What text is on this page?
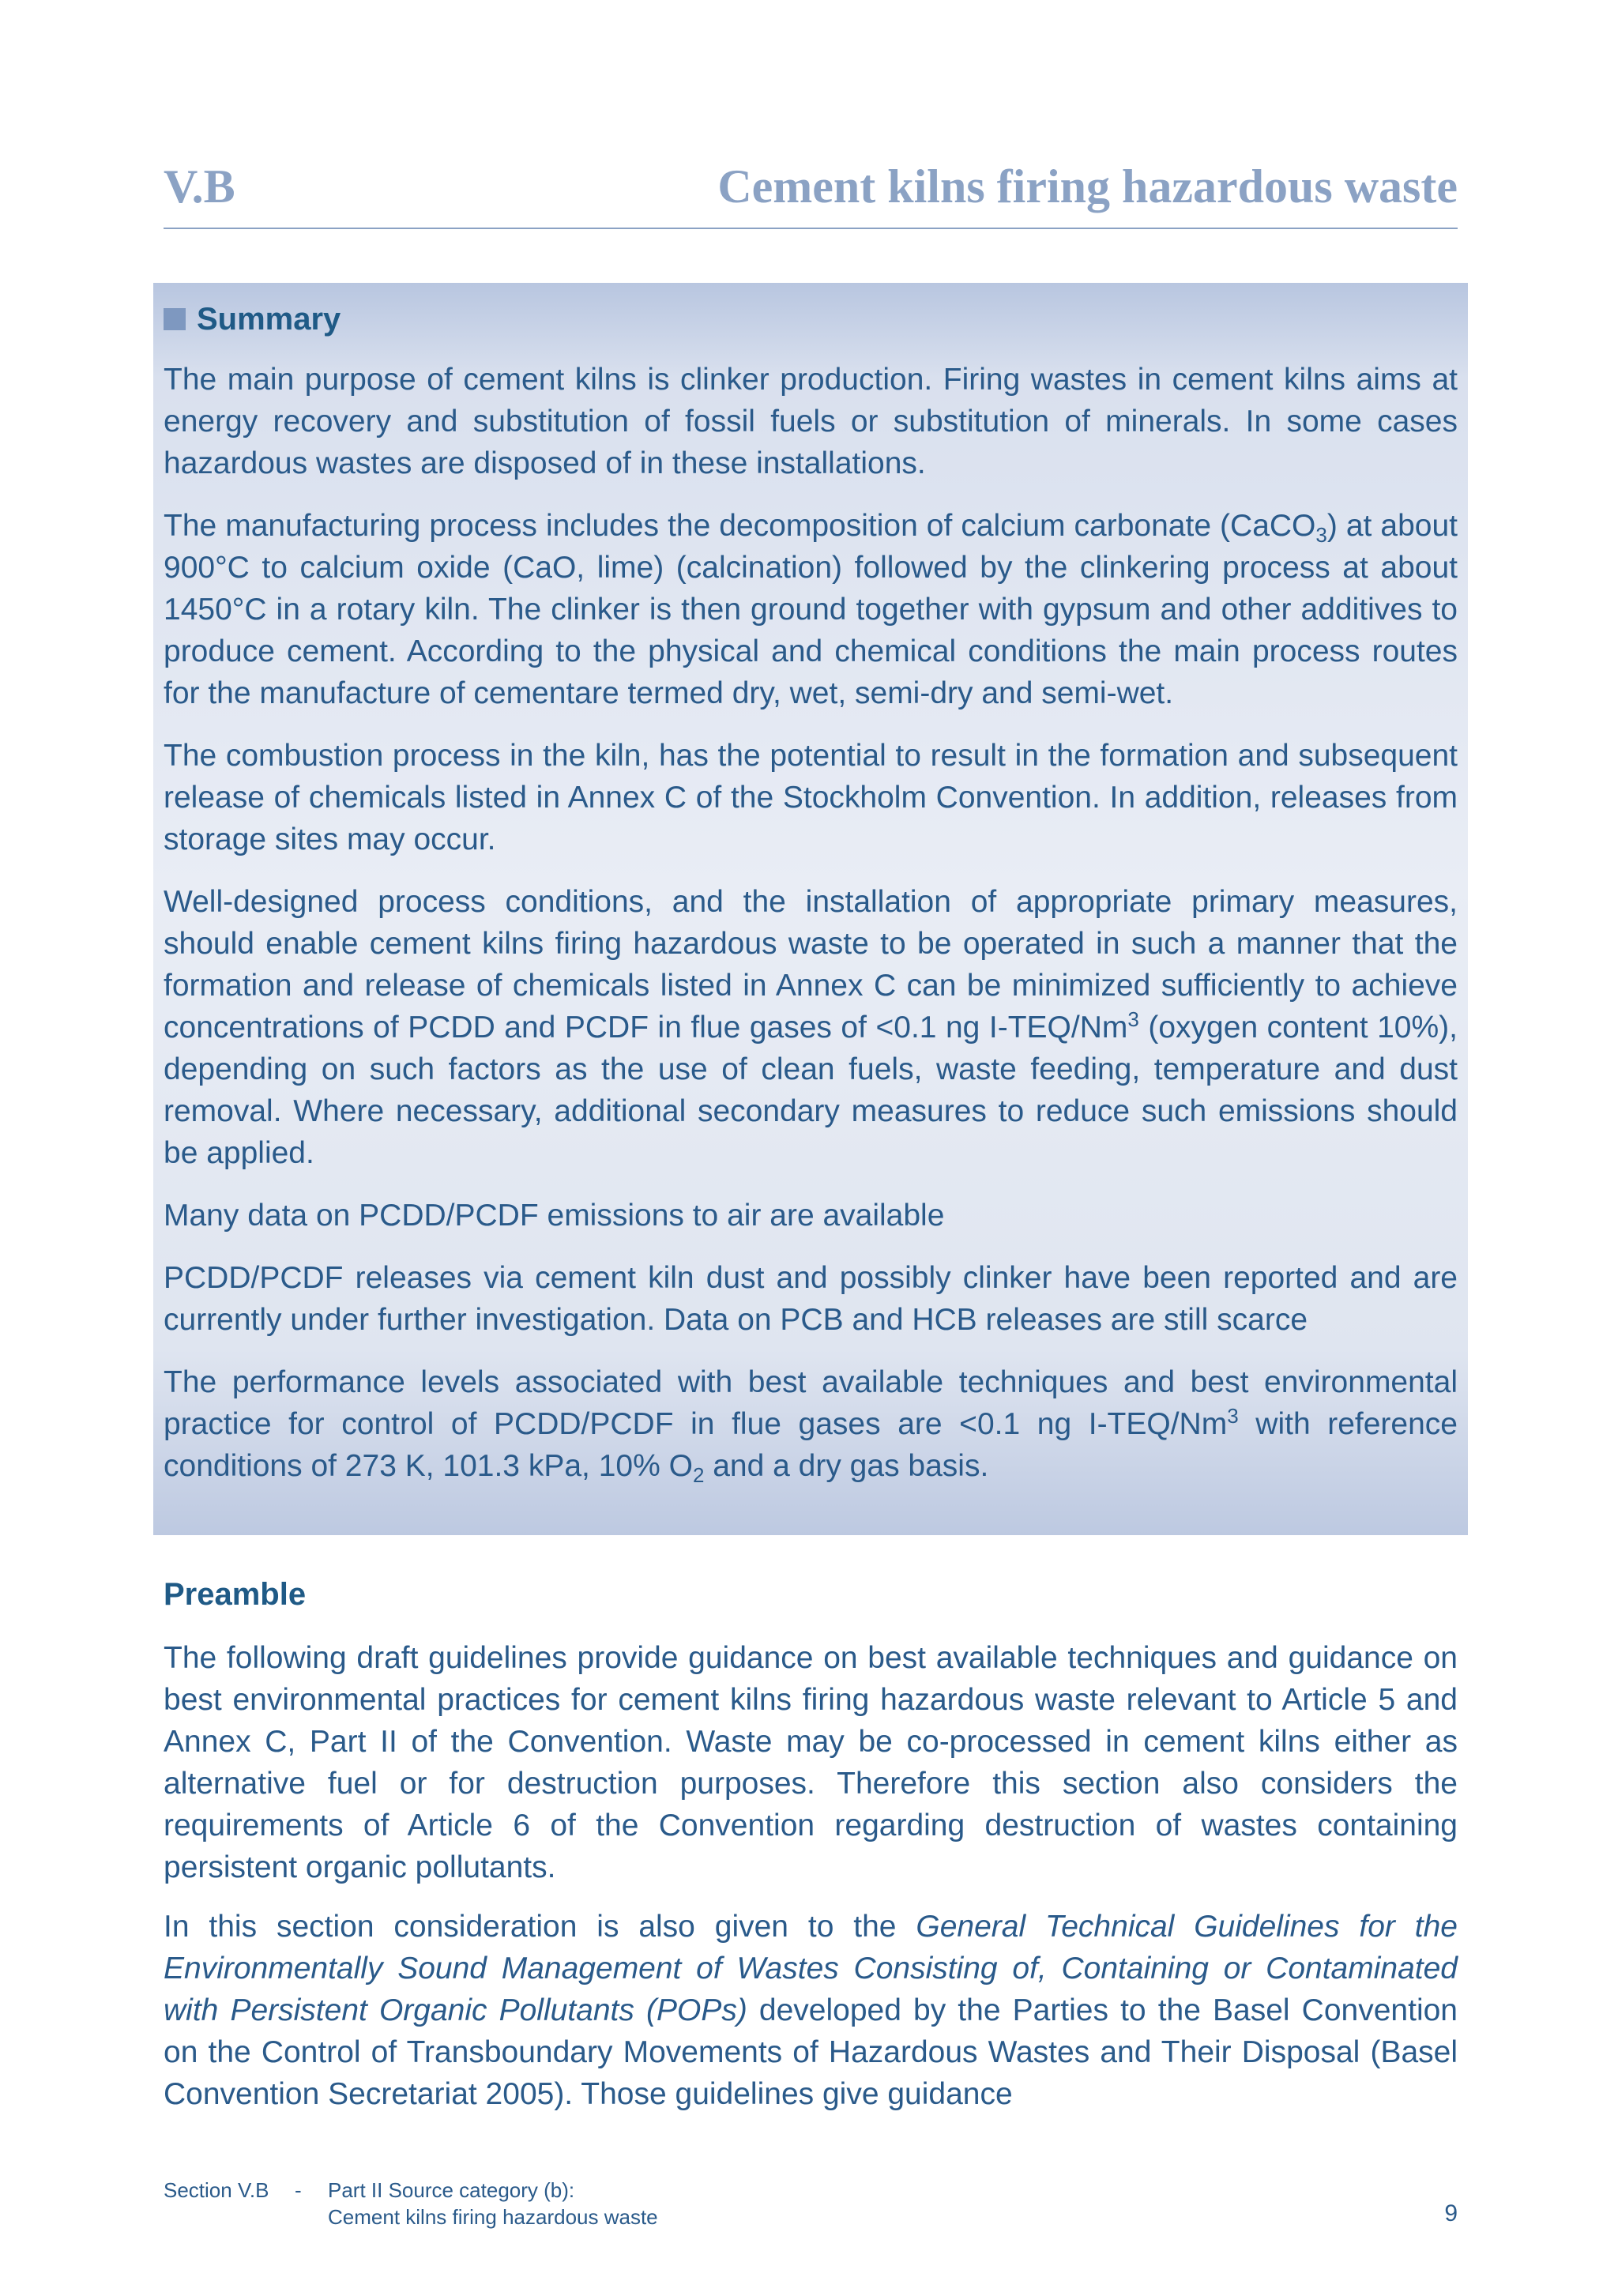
V.B	Cement kilns firing hazardous waste
Summary

The main purpose of cement kilns is clinker production. Firing wastes in cement kilns aims at energy recovery and substitution of fossil fuels or substitution of minerals. In some cases hazardous wastes are disposed of in these installations.

The manufacturing process includes the decomposition of calcium carbonate (CaCO$_3$) at about 900°C to calcium oxide (CaO, lime) (calcination) followed by the clinkering process at about 1450°C in a rotary kiln. The clinker is then ground together with gypsum and other additives to produce cement. According to the physical and chemical conditions the main process routes for the manufacture of cementare termed dry, wet, semi-dry and semi-wet.

The combustion process in the kiln, has the potential to result in the formation and subsequent release of chemicals listed in Annex C of the Stockholm Convention. In addition, releases from storage sites may occur.

Well-designed process conditions, and the installation of appropriate primary measures, should enable cement kilns firing hazardous waste to be operated in such a manner that the formation and release of chemicals listed in Annex C can be minimized sufficiently to achieve concentrations of PCDD and PCDF in flue gases of <0.1 ng I-TEQ/Nm$^3$ (oxygen content 10%), depending on such factors as the use of clean fuels, waste feeding, temperature and dust removal. Where necessary, additional secondary measures to reduce such emissions should be applied.

Many data on PCDD/PCDF emissions to air are available

PCDD/PCDF releases via cement kiln dust and possibly clinker have been reported and are currently under further investigation. Data on PCB and HCB releases are still scarce

The performance levels associated with best available techniques and best environmental practice for control of PCDD/PCDF in flue gases are <0.1 ng I-TEQ/Nm$^3$ with reference conditions of 273 K, 101.3 kPa, 10% $O_2$ and a dry gas basis.

Preamble

The following draft guidelines provide guidance on best available techniques and guidance on best environmental practices for cement kilns firing hazardous waste relevant to Article 5 and Annex C, Part II of the Convention. Waste may be co-processed in cement kilns either as alternative fuel or for destruction purposes. Therefore this section also considers the requirements of Article 6 of the Convention regarding destruction of wastes containing persistent organic pollutants.

In this section consideration is also given to the General Technical Guidelines for the Environmentally Sound Management of Wastes Consisting of, Containing or Contaminated with Persistent Organic Pollutants (POPs) developed by the Parties to the Basel Convention on the Control of Transboundary Movements of Hazardous Wastes and Their Disposal (Basel Convention Secretariat 2005). Those guidelines give guidance

Section V.B - Part II Source category (b):
Cement kilns firing hazardous waste	9
